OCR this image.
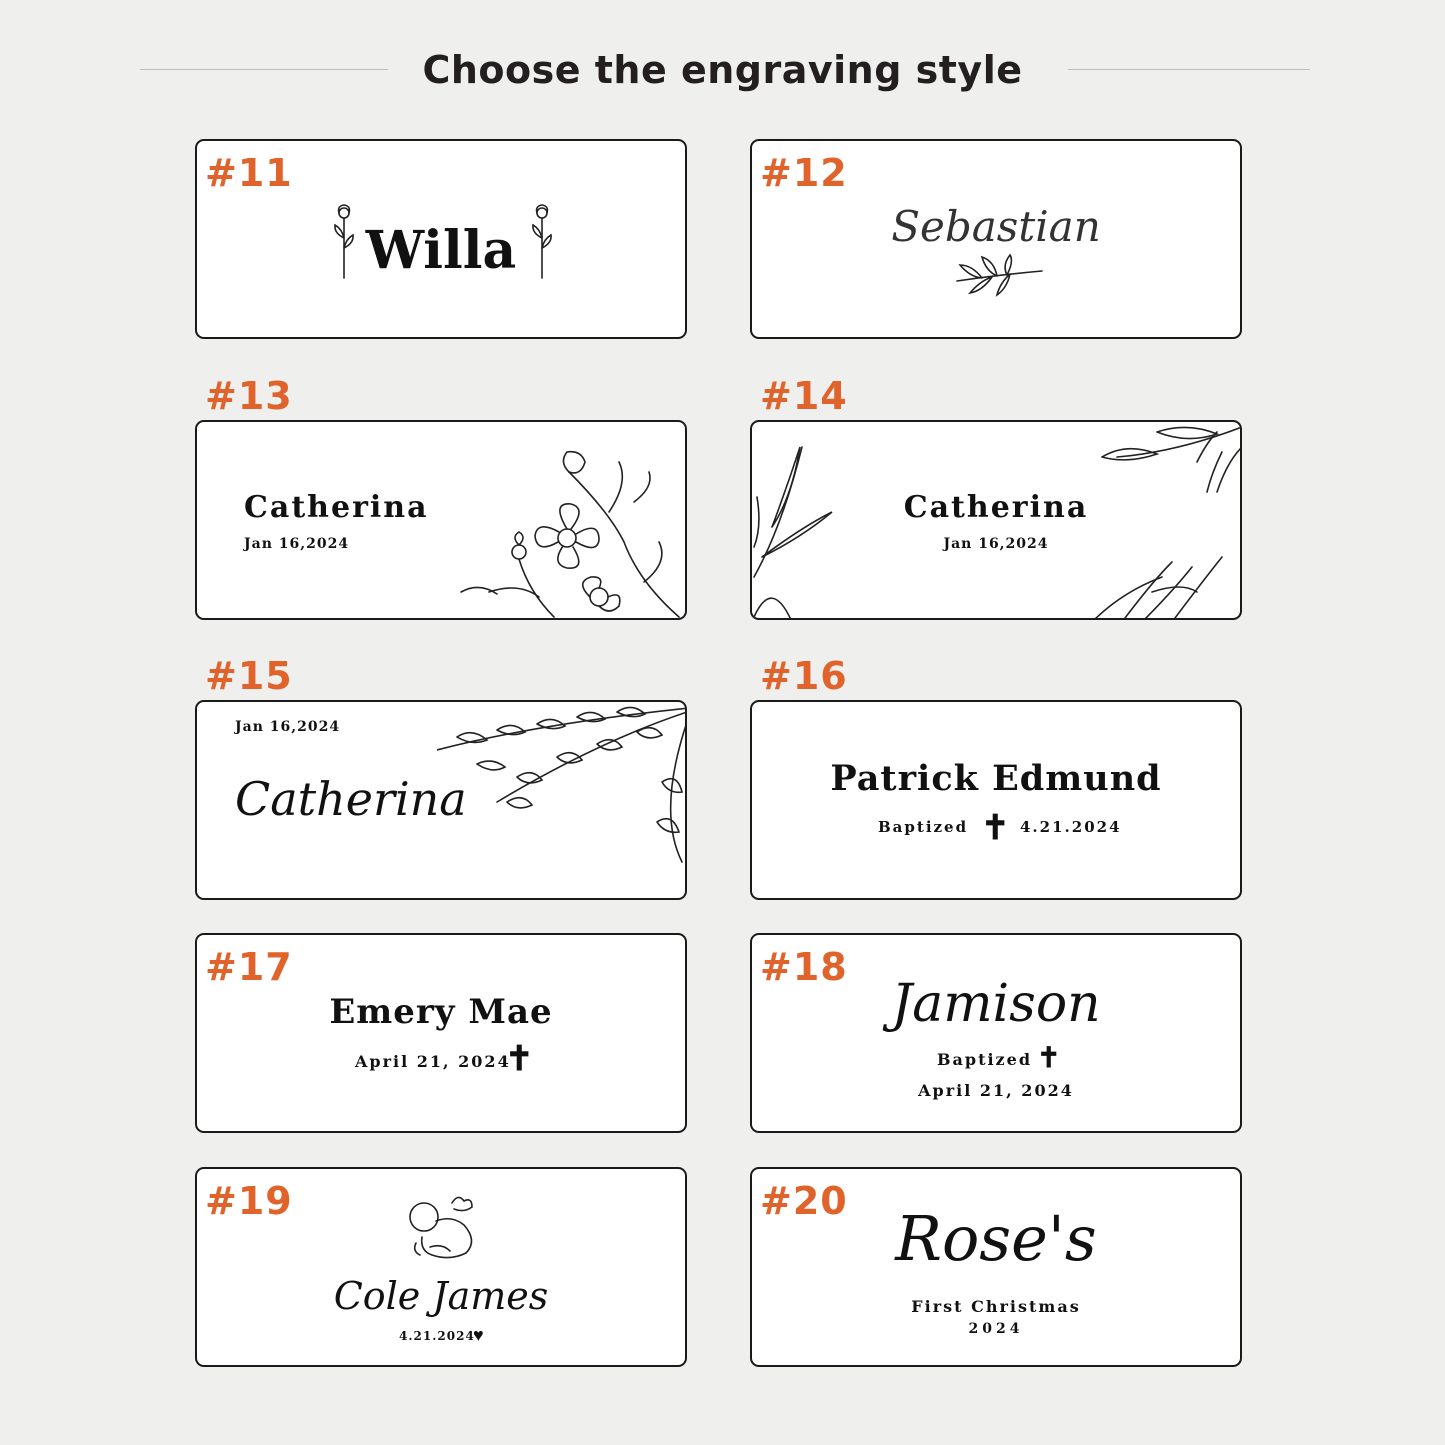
Choose the engraving style
#11
Willa
#12
Sebastian
#13
Catherina
Jan 16,2024
#14
Catherina
Jan 16,2024
#15
Jan 16,2024
Catherina
#16
Patrick Edmund
Baptized ✝ 4.21.2024
#17
Emery Mae
April 21, 2024
✝
#18
Jamison
Baptized ✝
April 21, 2024
#19
Cole James
4.21.2024
♥
#20
Rose's
First Christmas
2024
